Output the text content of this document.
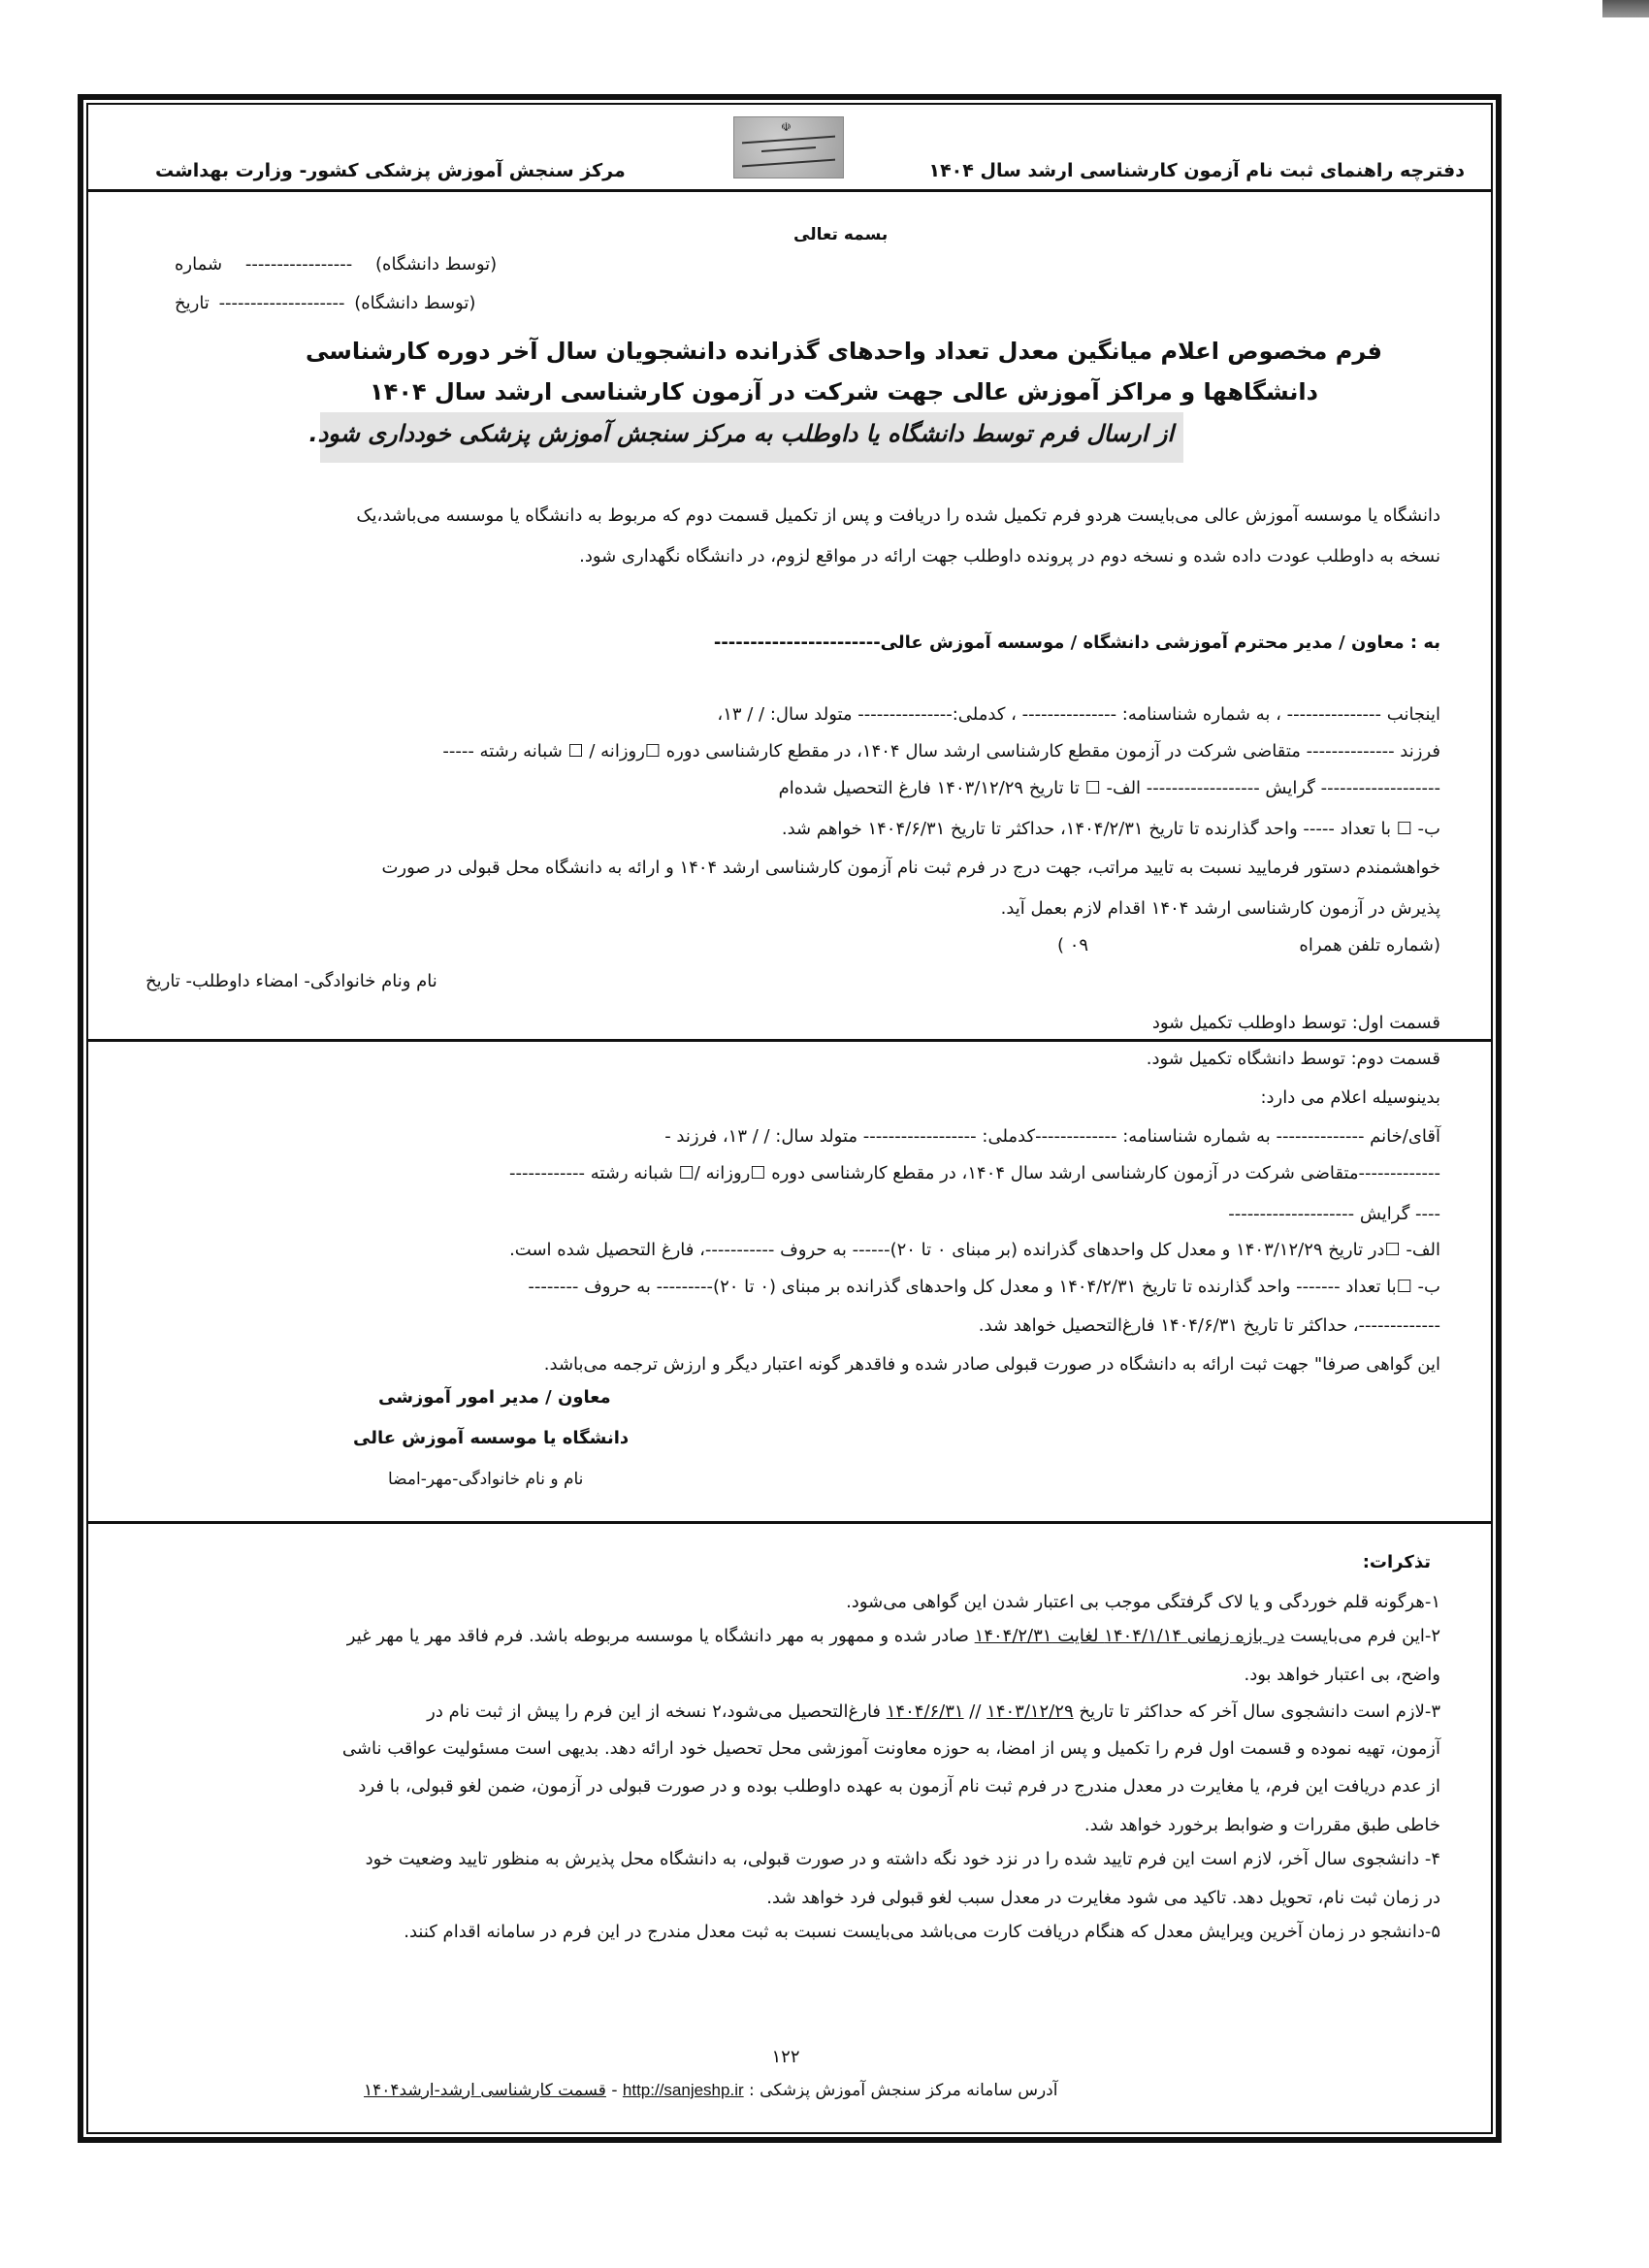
دفترچه راهنمای ثبت نام آزمون کارشناسی ارشد سال ۱۴۰۴
مرکز سنجش آموزش پزشکی کشور- وزارت بهداشت
☫
بسمه تعالی
(توسط دانشگاه) ----------------- شماره
(توسط دانشگاه) -------------------- تاریخ
فرم مخصوص اعلام میانگین معدل تعداد واحدهای گذرانده دانشجویان سال آخر دوره کارشناسی
دانشگاهها و مراکز آموزش عالی جهت شرکت در آزمون کارشناسی ارشد سال ۱۴۰۴
از ارسال فرم توسط دانشگاه یا داوطلب به مرکز سنجش آموزش پزشکی خودداری شود.
دانشگاه یا موسسه آموزش عالی می‌بایست هردو فرم تکمیل شده را دریافت و پس از تکمیل قسمت دوم که مربوط به دانشگاه یا موسسه می‌باشد،یک
نسخه به داوطلب عودت داده شده و نسخه دوم در پرونده داوطلب جهت ارائه در مواقع لزوم، در دانشگاه نگهداری شود.
به : معاون / مدیر محترم آموزشی دانشگاه / موسسه آموزش عالی-----------------------
اینجانب --------------- ، به شماره شناسنامه: --------------- ، کدملی:--------------- متولد سال: / / ۱۳،
فرزند -------------- متقاضی شرکت در آزمون مقطع کارشناسی ارشد سال ۱۴۰۴، در مقطع کارشناسی دوره ☐روزانه / ☐ شبانه رشته -----
------------------- گرایش ------------------ الف- ☐ تا تاریخ ۱۴۰۳/۱۲/۲۹ فارغ التحصیل شده‌ام
ب- ☐ با تعداد ----- واحد گذارنده تا تاریخ ۱۴۰۴/۲/۳۱، حداکثر تا تاریخ ۱۴۰۴/۶/۳۱ خواهم شد.
خواهشمندم دستور فرمایید نسبت به تایید مراتب، جهت درج در فرم ثبت نام آزمون کارشناسی ارشد ۱۴۰۴ و ارائه به دانشگاه محل قبولی در صورت
پذیرش در آزمون کارشناسی ارشد ۱۴۰۴ اقدام لازم بعمل آید.
(شماره تلفن همراه
۰۹ )
نام ونام خانوادگی- امضاء داوطلب- تاریخ
قسمت اول: توسط داوطلب تکمیل شود
قسمت دوم: توسط دانشگاه تکمیل شود.
بدینوسیله اعلام می دارد:
آقای/خانم -------------- به شماره شناسنامه: -------------کدملی: ------------------ متولد سال: / / ۱۳، فرزند -
-------------متقاضی شرکت در آزمون کارشناسی ارشد سال ۱۴۰۴، در مقطع کارشناسی دوره ☐روزانه /☐ شبانه رشته ------------
---- گرایش --------------------
الف- ☐در تاریخ ۱۴۰۳/۱۲/۲۹ و معدل کل واحدهای گذرانده (بر مبنای ۰ تا ۲۰)------ به حروف -----------، فارغ التحصیل شده است.
ب- ☐با تعداد ------- واحد گذارنده تا تاریخ ۱۴۰۴/۲/۳۱ و معدل کل واحدهای گذرانده بر مبنای (۰ تا ۲۰)--------- به حروف --------
-------------، حداکثر تا تاریخ ۱۴۰۴/۶/۳۱ فارغ‌التحصیل خواهد شد.
این گواهی صرفا" جهت ثبت ارائه به دانشگاه در صورت قبولی صادر شده و فاقدهر گونه اعتبار دیگر و ارزش ترجمه می‌باشد.
معاون / مدیر امور آموزشی
دانشگاه یا موسسه آموزش عالی
نام و نام خانوادگی-مهر-امضا
تذکرات:
۱-هرگونه قلم خوردگی و یا لاک گرفتگی موجب بی اعتبار شدن این گواهی می‌شود.
۲-این فرم می‌بایست در بازه زمانی ۱۴۰۴/۱/۱۴ لغایت ۱۴۰۴/۲/۳۱ صادر شده و ممهور به مهر دانشگاه یا موسسه مربوطه باشد. فرم فاقد مهر یا مهر غیر
واضح، بی اعتبار خواهد بود.
۳-لازم است دانشجوی سال آخر که حداکثر تا تاریخ ۱۴۰۳/۱۲/۲۹ // ۱۴۰۴/۶/۳۱ فارغ‌التحصیل می‌شود،۲ نسخه از این فرم را پیش از ثبت نام در
آزمون، تهیه نموده و قسمت اول فرم را تکمیل و پس از امضا، به حوزه معاونت آموزشی محل تحصیل خود ارائه دهد. بدیهی است مسئولیت عواقب ناشی
از عدم دریافت این فرم، یا مغایرت در معدل مندرج در فرم ثبت نام آزمون به عهده داوطلب بوده و در صورت قبولی در آزمون، ضمن لغو قبولی، با فرد
خاطی طبق مقررات و ضوابط برخورد خواهد شد.
۴- دانشجوی سال آخر، لازم است این فرم تایید شده را در نزد خود نگه داشته و در صورت قبولی، به دانشگاه محل پذیرش به منظور تایید وضعیت خود
در زمان ثبت نام، تحویل دهد. تاکید می شود مغایرت در معدل سبب لغو قبولی فرد خواهد شد.
۵-دانشجو در زمان آخرین ویرایش معدل که هنگام دریافت کارت می‌باشد می‌بایست نسبت به ثبت معدل مندرج در این فرم در سامانه اقدام کنند.
۱۲۲
آدرس سامانه مرکز سنجش آموزش پزشکی : http://sanjeshp.ir - قسمت کارشناسی ارشد-ارشد۱۴۰۴
